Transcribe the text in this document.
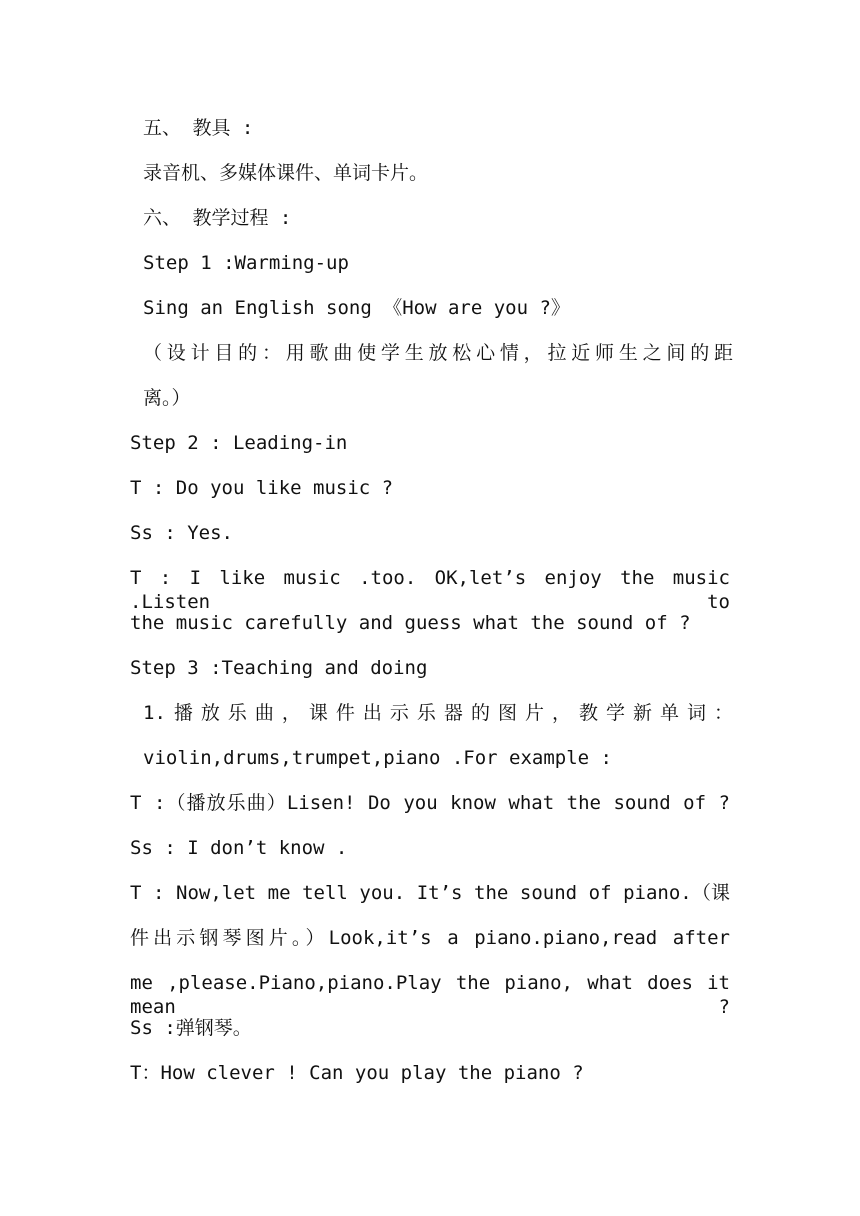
五、 教具 :
录音机、多媒体课件、单词卡片。
六、 教学过程 :
Step 1 :Warming-up
Sing an English song 《How are you ?》
（设计目的：用歌曲使学生放松心情，拉近师生之间的距
离。）
Step 2 : Leading-in
T : Do you like music ?
Ss : Yes.
T : I like music .too. OK,let’s enjoy the music .Listen to
the music carefully and guess what the sound of ?
Step 3 :Teaching and doing
1.播放乐曲，课件出示乐器的图片，教学新单词：
violin,drums,trumpet,piano .For example :
T :（播放乐曲）Lisen! Do you know what the sound of ?
Ss : I don’t know .
T : Now,let me tell you. It’s the sound of piano.（课
件出示钢琴图片。）Look,it’s a piano.piano,read after
me ,please.Piano,piano.Play the piano, what does it mean ?
Ss :弹钢琴。
T：How clever ! Can you play the piano ?
